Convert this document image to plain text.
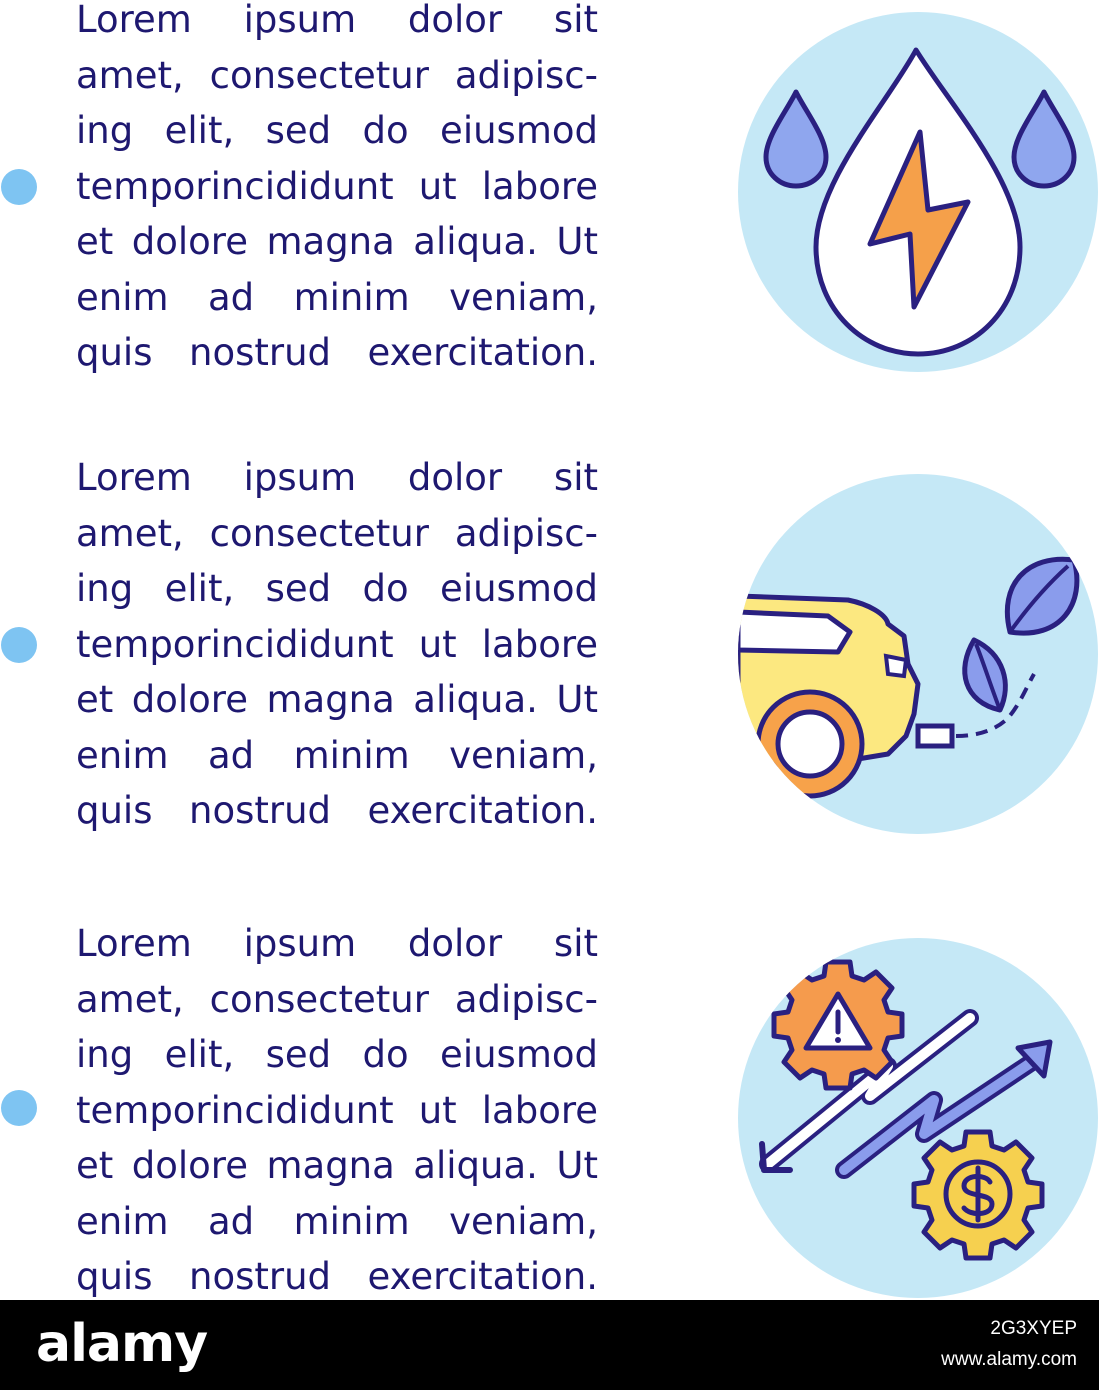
Lorem ipsum dolor sit
amet, consectetur adipisc-
ing elit, sed do eiusmod
temporincididunt ut labore
et dolore magna aliqua. Ut
enim ad minim veniam,
quis nostrud exercitation.
Lorem ipsum dolor sit
amet, consectetur adipisc-
ing elit, sed do eiusmod
temporincididunt ut labore
et dolore magna aliqua. Ut
enim ad minim veniam,
quis nostrud exercitation.
Lorem ipsum dolor sit
amet, consectetur adipisc-
ing elit, sed do eiusmod
temporincididunt ut labore
et dolore magna aliqua. Ut
enim ad minim veniam,
quis nostrud exercitation.
alamy	2G3XYEP
www.alamy.com
